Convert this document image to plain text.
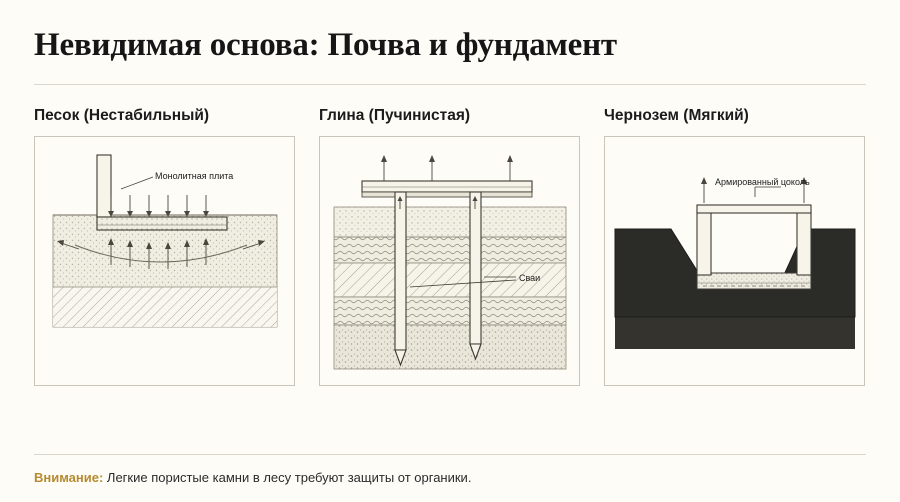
Невидимая основа: Почва и фундамент
Песок (Нестабильный)
Монолитная плита
Глина (Пучинистая)
Сваи
Чернозем (Мягкий)
Армированный цоколь
Внимание: Легкие пористые камни в лесу требуют защиты от органики.
